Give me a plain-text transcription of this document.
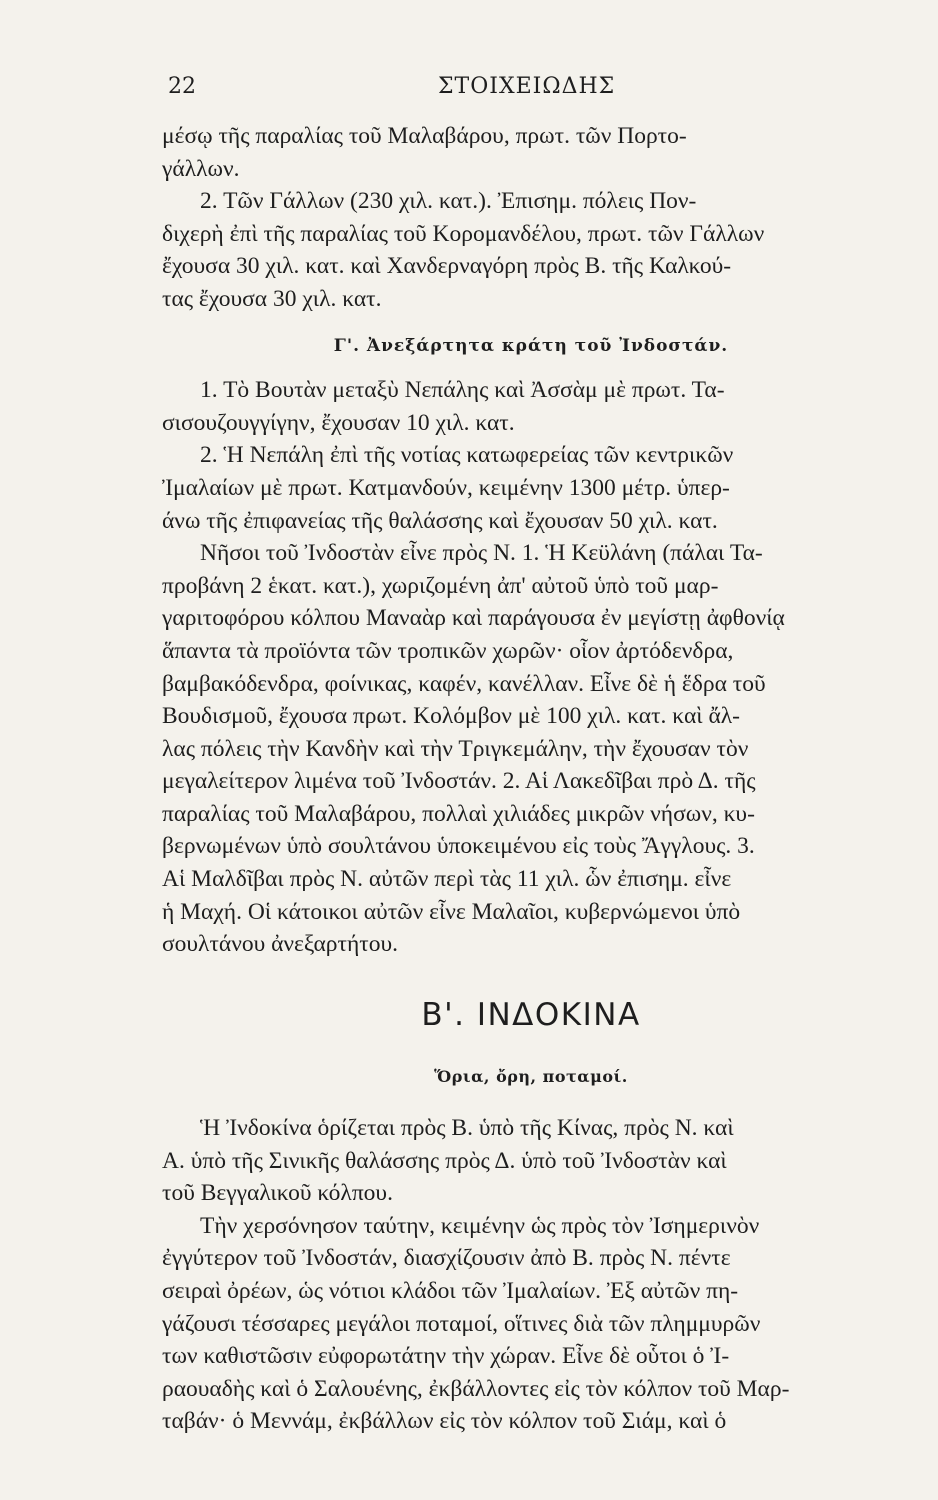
22	ΣΤΟΙΧΕΙΩΔΗΣ

μέσῳ τῆς παραλίας τοῦ Μαλαβάρου, πρωτ. τῶν Πορτο-
γάλλων.

2. Τῶν Γάλλων (230 χιλ. κατ.). Ἐπισημ. πόλεις Πον-

διχερὴ ἐπὶ τῆς παραλίας τοῦ Κορομανδέλου, πρωτ. τῶν Γάλλων
ἔχουσα 30 χιλ. κατ. καὶ Χανδερναγόρη πρὸς Β. τῆς Καλκού-
τας ἔχουσα 30 χιλ. κατ.

Γ'. Ἀνεξάρτητα κράτη τοῦ Ἰνδοστάν.

1. Τὸ Βουτὰν μεταξὺ Νεπάλης καὶ Ἀσσὰμ μὲ πρωτ. Τα-
σισουζουγγίγην, ἔχουσαν 10 χιλ. κατ.

2. Ἡ Νεπάλη ἐπὶ τῆς νοτίας κατωφερείας τῶν κεντρικῶν
Ἰμαλαίων μὲ πρωτ. Κατμανδούν, κειμένην 1300 μέτρ. ὑπερ-
άνω τῆς ἐπιφανείας τῆς θαλάσσης καὶ ἔχουσαν 50 χιλ. κατ.

Νῆσοι τοῦ Ἰνδοστὰν εἶνε πρὸς Ν. 1. Ἡ Κεϋλάνη (πάλαι Τα-
προβάνη 2 ἑκατ. κατ.), χωριζομένη ἀπ' αὐτοῦ ὑπὸ τοῦ μαρ-
γαριτοφόρου κόλπου Μαναὰρ καὶ παράγουσα ἐν μεγίστῃ ἀφθονίᾳ
ἅπαντα τὰ προϊόντα τῶν τροπικῶν χωρῶν· οἷον ἀρτόδενδρα,
βαμβακόδενδρα, φοίνικας, καφέν, κανέλλαν. Εἶνε δὲ ἡ ἕδρα τοῦ
Βουδισμοῦ, ἔχουσα πρωτ. Κολόμβον μὲ 100 χιλ. κατ. καὶ ἄλ-
λας πόλεις τὴν Κανδὴν καὶ τὴν Τριγκεμάλην, τὴν ἔχουσαν τὸν
μεγαλείτερον λιμένα τοῦ Ἰνδοστάν. 2. Αἱ Λακεδῖβαι πρὸ Δ. τῆς
παραλίας τοῦ Μαλαβάρου, πολλαὶ χιλιάδες μικρῶν νήσων, κυ-
βερνωμένων ὑπὸ σουλτάνου ὑποκειμένου εἰς τοὺς Ἄγγλους. 3.
Αἱ Μαλδῖβαι πρὸς Ν. αὐτῶν περὶ τὰς 11 χιλ. ὧν ἐπισημ. εἶνε
ἡ Μαχή. Οἱ κάτοικοι αὐτῶν εἶνε Μαλαῖοι, κυβερνώμενοι ὑπὸ
σουλτάνου ἀνεξαρτήτου.

Β'. ΙΝΔΟΚΙΝΑ
Ὅρια, ὄρη, ποταμοί.

Ἡ Ἰνδοκίνα ὁρίζεται πρὸς Β. ὑπὸ τῆς Κίνας, πρὸς Ν. καὶ
Α. ὑπὸ τῆς Σινικῆς θαλάσσης πρὸς Δ. ὑπὸ τοῦ Ἰνδοστὰν καὶ
τοῦ Βεγγαλικοῦ κόλπου.

Τὴν χερσόνησον ταύτην, κειμένην ὡς πρὸς τὸν Ἰσημερινὸν
ἐγγύτερον τοῦ Ἰνδοστάν, διασχίζουσιν ἀπὸ Β. πρὸς Ν. πέντε
σειραὶ ὀρέων, ὡς νότιοι κλάδοι τῶν Ἰμαλαίων. Ἐξ αὐτῶν πη-
γάζουσι τέσσαρες μεγάλοι ποταμοί, οἵτινες διὰ τῶν πλημμυρῶν
των καθιστῶσιν εὐφορωτάτην τὴν χώραν. Εἶνε δὲ οὗτοι ὁ Ἰ-
ραουαδὴς καὶ ὁ Σαλουένης, ἐκβάλλοντες εἰς τὸν κόλπον τοῦ Μαρ-
ταβάν· ὁ Μεννάμ, ἐκβάλλων εἰς τὸν κόλπον τοῦ Σιάμ, καὶ ὁ
